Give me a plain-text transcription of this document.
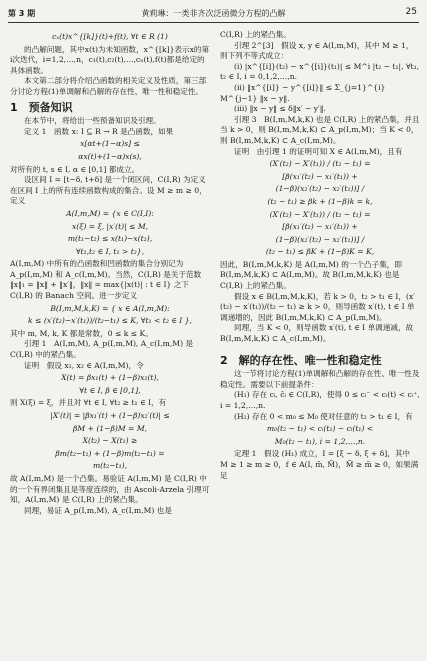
第 3 期	黄莉琳：一类非齐次泛函微分方程的凸解	25
cₓ(t)x^{[k]}(t)+f(t), ∀t ∈ R (1)
的凸解问题，其中x(t)为未知函数，x^{[k]}表示x的第i次迭代，i=1,2,…,n，c₁(t),c₂(t),…,cₙ(t),f(t)都是给定的具体函数。
本文第二部分将介绍凸函数的相关定义及性质，第三部分讨论方程(1)单调解和凸解的存在性、唯一性和稳定性。
1　预备知识
在本节中，将给出一些预备知识及引理。
定义 1　函数 x: I ⊆ R → R 是凸函数，如果
x[αt+(1−α)s] ≤
αx(t)+(1−α)x(s),
对所有的 t, s ∈ I, α ∈ [0,1] 都成立。
设区间 I = [t−δ, t+δ] 是一个闭区间，C(I,R) 为定义在区间 I 上的所有连续函数构成的集合。设 M ≥ m ≥ 0，定义
A(I,m,M) = {x ∈ C(I,I):
x(ξ) = ξ, |x′(t)| ≤ M,
m(t₁−t₂) ≤ x(t₁)−x(t₂),
∀t₁,t₂ ∈ I, t₁ > t₂},
A(I,m,M) 中所有的凸函数和凹函数的集合分别记为 A_p(I,m,M) 和 A_c(I,m,M)。当然，C(I,R) 是关于范数 ‖x‖₁ = ‖x‖ + ‖x′‖，‖x‖ = max{|x(t)| : t ∈ I} 之下 C(I,R) 的 Banach 空间。进一步定义
B(I,m,M,k,K) = { x ∈ A(I,m,M):
k ≤ (x′(t₂)−x′(t₁))/(t₂−t₁) ≤ K, ∀t₁ < t₂ ∈ I },
其中 m, M, k, K 都是常数，0 ≤ k ≤ K。
引理 1　A(I,m,M), A_p(I,m,M), A_c(I,m,M) 是 C(I,R) 中的紧凸集。
证明　假设 x₁, x₂ ∈ A(I,m,M)，令
X(t) = βx₁(t) + (1−β)x₂(t),
∀t ∈ I, β ∈ [0,1],
则 X(ξ) = ξ，并且对 ∀t ∈ I, ∀t₂ ≥ t₁ ∈ I，有
|X′(t)| = |βx₁′(t) + (1−β)x₂′(t)| ≤
βM + (1−β)M = M,
X(t₂) − X(t₁) ≥
βm(t₂−t₁) + (1−β)m(t₂−t₁) =
m(t₂−t₁),
故 A(I,m,M) 是一个凸集。易验证 A(I,m,M) 是 C(I,R) 中的一个有界闭集且是等度连续的，由 Ascoli-Arzela 引理可知，A(I,m,M) 是 C(I,R) 上的紧凸集。
同理，易证 A_p(I,m,M), A_c(I,m,M) 也是
C(I,R) 上的紧凸集。
引理 2^[3]　假设 x, y ∈ A(I,m,M)，其中 M ≥ 1，则下列不等式成立：
(i) |x^{[i]}(t₂) − x^{[i]}(t₁)| ≤ M^i |t₂ − t₁|, ∀t₁, t₂ ∈ I, i = 0,1,2,…,n.
(ii) ‖x^{[i]} − y^{[i]}‖ ≤ Σ_{j=1}^{i} M^{j−1} ‖x − y‖.
(iii) ‖x − y‖ ≤ δ‖x′ − y′‖.
引理 3　B(I,m,M,k,K) 也是 C(I,R) 上的紧凸集，并且当 k > 0，则 B(I,m,M,k,K) ⊂ A_p(I,m,M)；当 K < 0，则 B(I,m,M,k,K) ⊂ A_c(I,m,M)。
证明　由引理 1 的证明可知 X ∈ A(I,m,M)，且有
(X′(t₂) − X′(t₁)) / (t₂ − t₁) =
[β(x₁′(t₂) − x₁′(t₁)) +
(1−β)(x₂′(t₂) − x₂′(t₁))] /
(t₂ − t₁) ≥ βk + (1−β)k = k,
(X′(t₂) − X′(t₁)) / (t₂ − t₁) =
[β(x₁′(t₂) − x₁′(t₁)) +
(1−β)(x₂′(t₂) − x₂′(t₁))] /
(t₂ − t₁) ≤ βK + (1−β)K = K,
因此，B(I,m,M,k,K) 是 A(I,m,M) 的一个凸子集，即 B(I,m,M,k,K) ⊂ A(I,m,M)。故 B(I,m,M,k,K) 也是 C(I,R) 上的紧凸集。
假设 x ∈ B(I,m,M,k,K)，若 k > 0，t₂ > t₁ ∈ I，(x′(t₂) − x′(t₁))/(t₂ − t₁) ≥ k > 0，则导函数 x′(t), t ∈ I 单调递增的，因此 B(I,m,M,k,K) ⊂ A_p(I,m,M)。
同理，当 K < 0，则导函数 x′(t), t ∈ I 单调递减，故 B(I,m,M,k,K) ⊂ A_c(I,m,M)。
2　解的存在性、唯一性和稳定性
这一节将讨论方程(1)单调解和凸解的存在性、唯一性及稳定性。需要以下前提条件：
(H₁) 存在 cᵢ, c̄ᵢ ∈ C(I,R)，使得 0 ≤ cᵢ⁻ < cᵢ(t) < cᵢ⁺, i = 1,2,…,n.
(H₂) 存在 0 < m₀ ≤ M₀ 使对任意的 t₂ > t₁ ∈ I，有
m₀(t₂ − t₁) < cᵢ(t₂) − cᵢ(t₁) <
M₀(t₂ − t₁), i = 1,2,…,n.
定理 1　假设 (H₁) 成立，I = [ξ − δ, ξ + δ]，其中 M ≥ 1 ≥ m ≥ 0，f ∈ A(I, m̃, M̃)，M̃ ≥ m̃ ≥ 0，如果满足
